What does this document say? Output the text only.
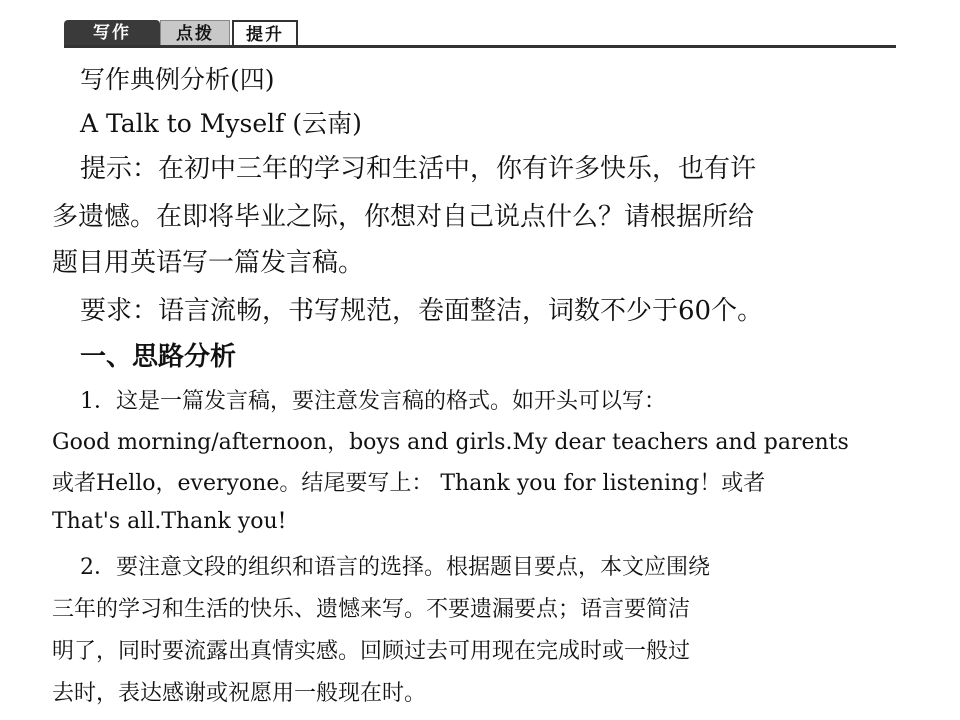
写作	点拨	提升
写作典例分析(四)
A Talk to Myself (云南)
提示：在初中三年的学习和生活中，你有许多快乐，也有许
多遗憾。在即将毕业之际，你想对自己说点什么？请根据所给
题目用英语写一篇发言稿。
要求：语言流畅，书写规范，卷面整洁，词数不少于60个。
一、思路分析
1．这是一篇发言稿，要注意发言稿的格式。如开头可以写：
Good morning/afternoon，boys and girls.My dear teachers and parents
或者Hello，everyone。结尾要写上： Thank you for listening！或者
That's all.Thank you!
2．要注意文段的组织和语言的选择。根据题目要点，本文应围绕
三年的学习和生活的快乐、遗憾来写。不要遗漏要点；语言要简洁
明了，同时要流露出真情实感。回顾过去可用现在完成时或一般过
去时，表达感谢或祝愿用一般现在时。
